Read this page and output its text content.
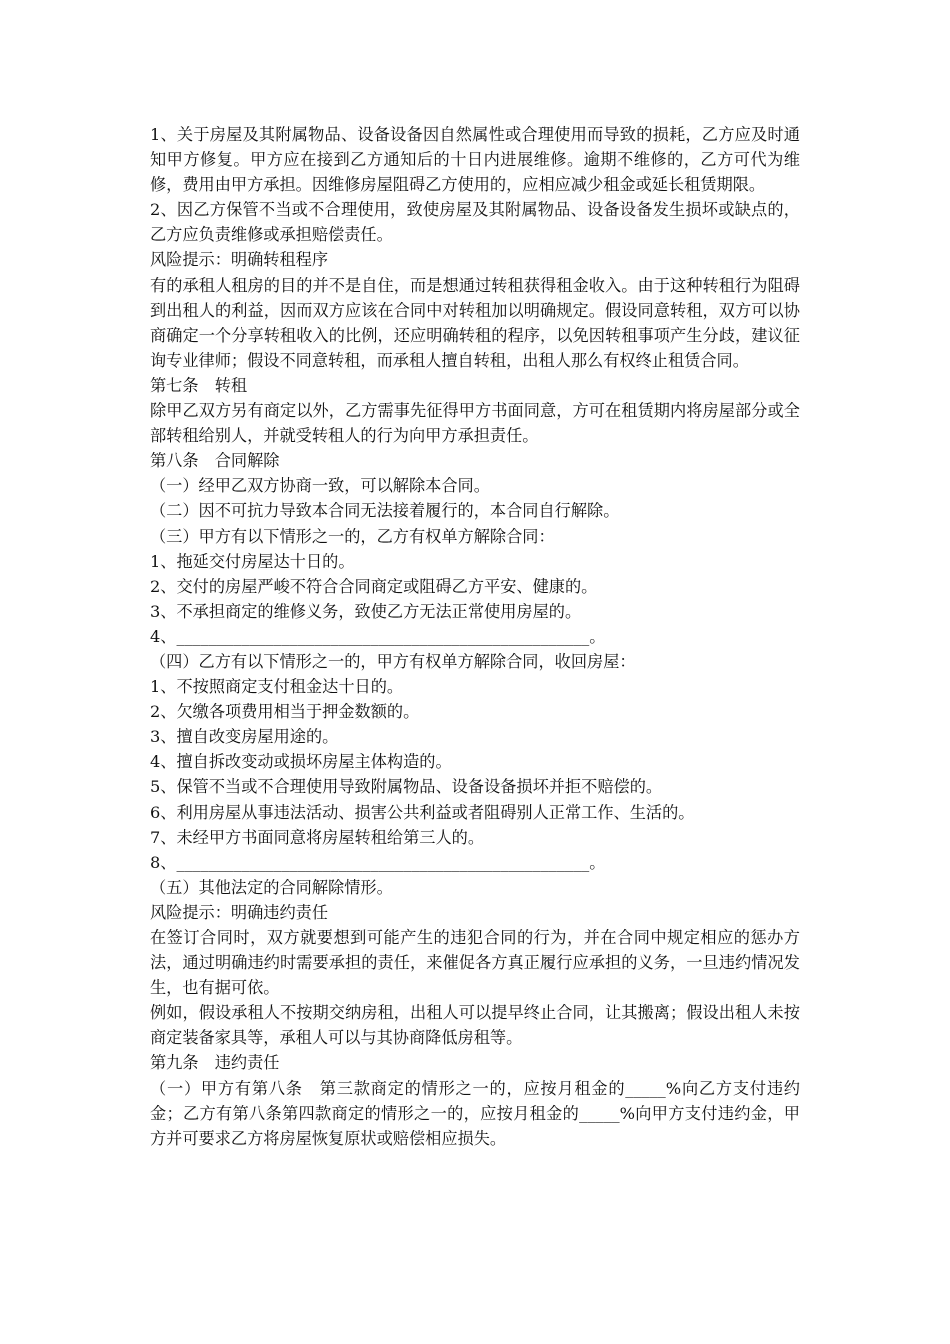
1、关于房屋及其附属物品、设备设备因自然属性或合理使用而导致的损耗，乙方应及时通知甲方修复。甲方应在接到乙方通知后的十日内进展维修。逾期不维修的，乙方可代为维修，费用由甲方承担。因维修房屋阻碍乙方使用的，应相应减少租金或延长租赁期限。

2、因乙方保管不当或不合理使用，致使房屋及其附属物品、设备设备发生损坏或缺点的，乙方应负责维修或承担赔偿责任。

风险提示：明确转租程序

有的承租人租房的目的并不是自住，而是想通过转租获得租金收入。由于这种转租行为阻碍到出租人的利益，因而双方应该在合同中对转租加以明确规定。假设同意转租，双方可以协商确定一个分享转租收入的比例，还应明确转租的程序，以免因转租事项产生分歧，建议征询专业律师；假设不同意转租，而承租人擅自转租，出租人那么有权终止租赁合同。

第七条　转租

除甲乙双方另有商定以外，乙方需事先征得甲方书面同意，方可在租赁期内将房屋部分或全部转租给别人，并就受转租人的行为向甲方承担责任。

第八条　合同解除

（一）经甲乙双方协商一致，可以解除本合同。

（二）因不可抗力导致本合同无法接着履行的，本合同自行解除。

（三）甲方有以下情形之一的，乙方有权单方解除合同：

1、拖延交付房屋达十日的。

2、交付的房屋严峻不符合合同商定或阻碍乙方平安、健康的。

3、不承担商定的维修义务，致使乙方无法正常使用房屋的。

4、___________________________________________________。

（四）乙方有以下情形之一的，甲方有权单方解除合同，收回房屋：

1、不按照商定支付租金达十日的。

2、欠缴各项费用相当于押金数额的。

3、擅自改变房屋用途的。

4、擅自拆改变动或损坏房屋主体构造的。

5、保管不当或不合理使用导致附属物品、设备设备损坏并拒不赔偿的。

6、利用房屋从事违法活动、损害公共利益或者阻碍别人正常工作、生活的。

7、未经甲方书面同意将房屋转租给第三人的。

8、___________________________________________________。

（五）其他法定的合同解除情形。

风险提示：明确违约责任

在签订合同时，双方就要想到可能产生的违犯合同的行为，并在合同中规定相应的惩办方法，通过明确违约时需要承担的责任，来催促各方真正履行应承担的义务，一旦违约情况发生，也有据可依。

例如，假设承租人不按期交纳房租，出租人可以提早终止合同，让其搬离；假设出租人未按商定装备家具等，承租人可以与其协商降低房租等。

第九条　违约责任

（一）甲方有第八条　第三款商定的情形之一的，应按月租金的_____%向乙方支付违约金；乙方有第八条第四款商定的情形之一的，应按月租金的_____%向甲方支付违约金，甲方并可要求乙方将房屋恢复原状或赔偿相应损失。
